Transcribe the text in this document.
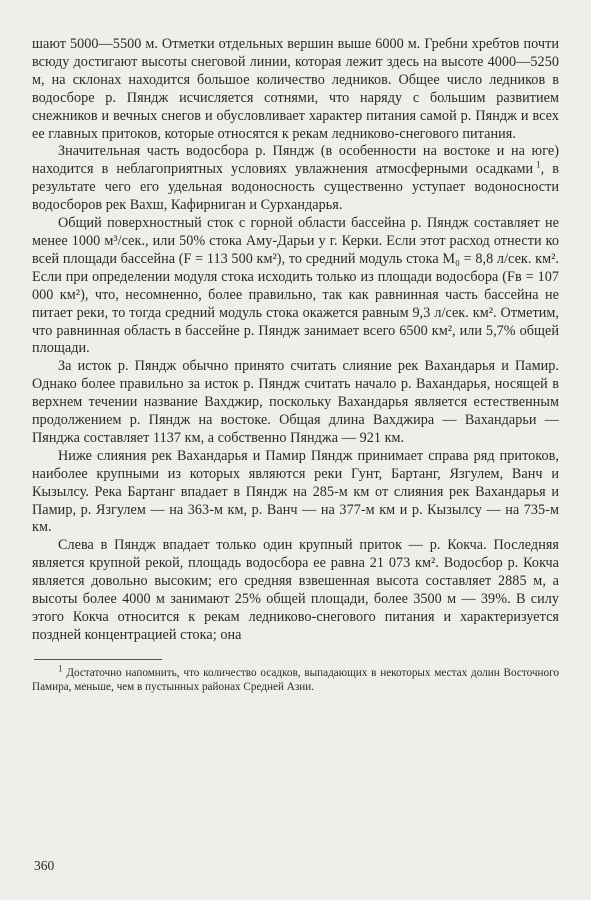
шают 5000—5500 м. Отметки отдельных вершин выше 6000 м. Гребни хребтов почти всюду достигают высоты снеговой линии, которая лежит здесь на высоте 4000—5250 м, на склонах находится большое количество ледников. Общее число ледников в водосборе р. Пяндж исчисляется сотнями, что наряду с большим развитием снежников и вечных снегов и обусловливает характер питания самой р. Пяндж и всех ее главных притоков, которые относятся к рекам ледниково-снегового питания.

Значительная часть водосбора р. Пяндж (в особенности на востоке и на юге) находится в неблагоприятных условиях увлажнения атмосферными осадками  $^1$, в результате чего его удельная водоносность существенно уступает водоносности водосборов рек Вахш, Кафирниган и Сурхандарья.

Общий поверхностный сток с горной области бассейна р. Пяндж составляет не менее 1000 м³/сек., или 50% стока Аму-Дарьи у г. Керки. Если этот расход отнести ко всей площади бассейна (F = 113 500 км²), то средний модуль стока M₀ = 8,8 л/сек. км². Если при определении модуля стока исходить только из площади водосбора (Fв = 107 000 км²), что, несомненно, более правильно, так как равнинная часть бассейна не питает реки, то тогда средний модуль стока окажется равным 9,3 л/сек. км². Отметим, что равнинная область в бассейне р. Пяндж занимает всего 6500 км², или 5,7% общей площади.

За исток р. Пяндж обычно принято считать слияние рек Вахандарья и Памир. Однако более правильно за исток р. Пяндж считать начало р. Вахандарья, носящей в верхнем течении название Ваxджир, поскольку Вахандарья является естественным продолжением р. Пяндж на востоке. Общая длина Ваxджира — Вахандарьи — Пянджа составляет 1137 км, а собственно Пянджа — 921 км.

Ниже слияния рек Вахандарья и Памир Пяндж принимает справа ряд притоков, наиболее крупными из которых являются реки Гунт, Бартанг, Язгулем, Ванч и Кызылсу. Река Бартанг впадает в Пяндж на 285-м км от слияния рек Вахандарья и Памир, р. Язгулем — на 363-м км, р. Ванч — на 377-м км и р. Кызылсу — на 735-м км.

Слева в Пяндж впадает только один крупный приток — р. Кокча. Последняя является крупной рекой, площадь водосбора ее равна 21 073 км². Водосбор р. Кокча является довольно высоким; его средняя взвешенная высота составляет 2885 м, а высоты более 4000 м занимают 25% общей площади, более 3500 м — 39%. В силу этого Кокча относится к рекам ледниково-снегового питания и характеризуется поздней концентрацией стока; она

$^1$ Достаточно напомнить, что количество осадков, выпадающих в некоторых местах долин Восточного Памира, меньше, чем в пустынных районах Средней Азии.

360
